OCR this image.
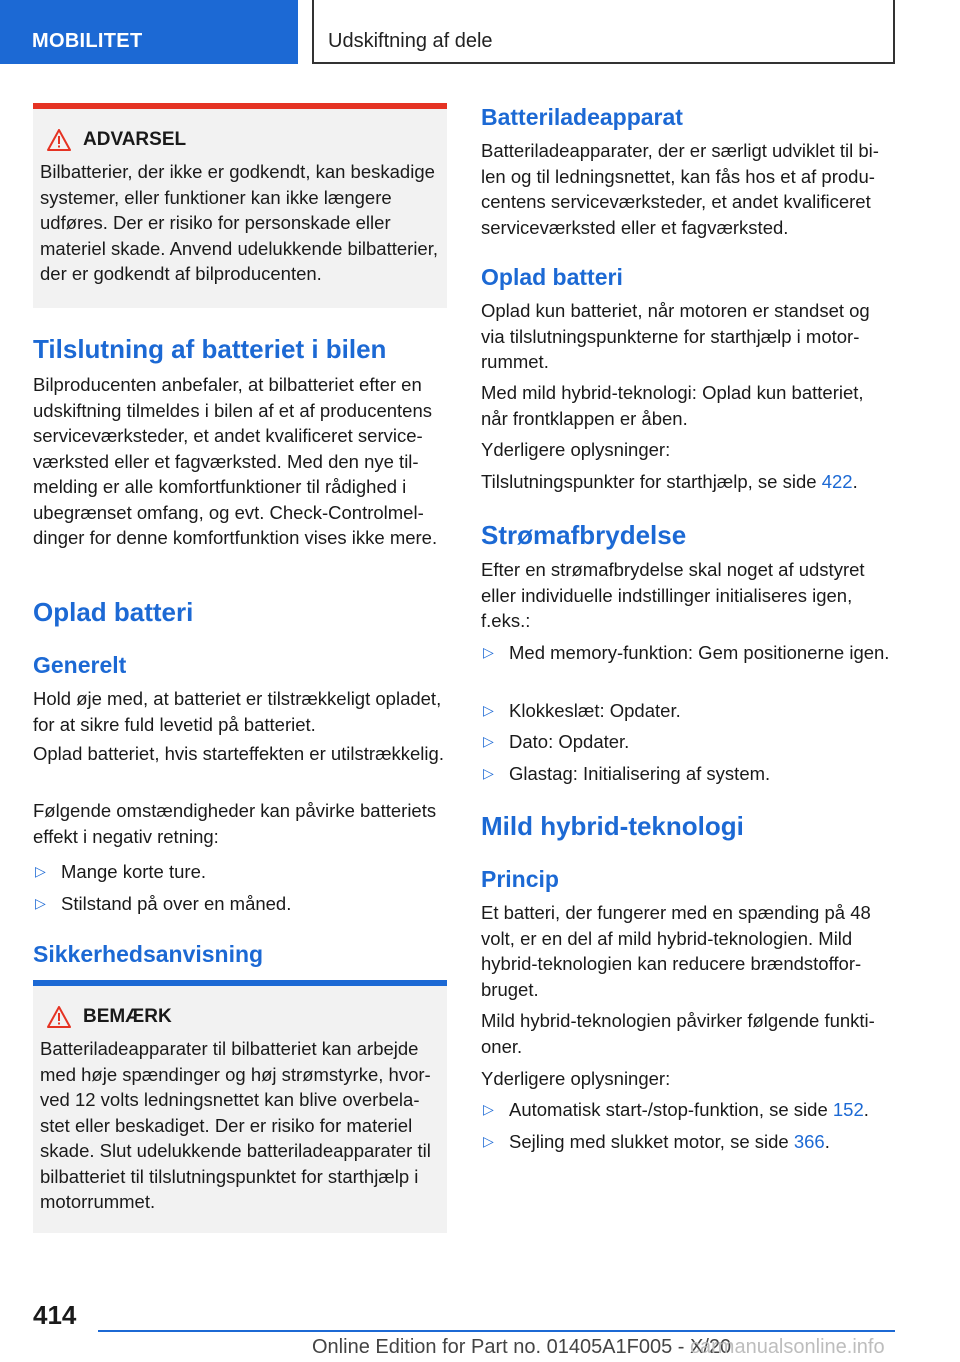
MOBILITET	Udskiftning af dele
ADVARSEL
Bilbatterier, der ikke er godkendt, kan beskadige systemer, eller funktioner kan ikke længere udføres. Der er risiko for personskade eller materiel skade. Anvend udelukkende bilbatterier, der er godkendt af bilproducenten.
Tilslutning af batteriet i bilen
Bilproducenten anbefaler, at bilbatteriet efter en udskiftning tilmeldes i bilen af et af producentens serviceværksteder, et andet kvalificeret serviceværksted eller et fagværksted. Med den nye tilmelding er alle komfortfunktioner til rådighed i ubegrænset omfang, og evt. Check-Controlmeldinger for denne komfortfunktion vises ikke mere.
Oplad batteri
Generelt
Hold øje med, at batteriet er tilstrækkeligt opladet, for at sikre fuld levetid på batteriet.
Oplad batteriet, hvis starteffekten er utilstrækkelig.
Følgende omstændigheder kan påvirke batteriets effekt i negativ retning:
▷ Mange korte ture.
▷ Stilstand på over en måned.
Sikkerhedsanvisning
BEMÆRK
Batteriladeapparater til bilbatteriet kan arbejde med høje spændinger og høj strømstyrke, hvorved 12 volts ledningsnettet kan blive overbelastet eller beskadiget. Der er risiko for materiel skade. Slut udelukkende batteriladeapparater til bilbatteriet til tilslutningspunktet for starthjælp i motorrummet.
Batteriladeapparat
Batteriladeapparater, der er særligt udviklet til bilen og til ledningsnettet, kan fås hos et af producentens serviceværksteder, et andet kvalificeret serviceværksted eller et fagværksted.
Oplad batteri
Oplad kun batteriet, når motoren er standset og via tilslutningspunkterne for starthjælp i motorrummet.
Med mild hybrid-teknologi: Oplad kun batteriet, når frontklappen er åben.
Yderligere oplysninger:
Tilslutningspunkter for starthjælp, se side 422.
Strømafbrydelse
Efter en strømafbrydelse skal noget af udstyret eller individuelle indstillinger initialiseres igen, f.eks.:
▷ Med memory-funktion: Gem positionerne igen.
▷ Klokkeslæt: Opdater.
▷ Dato: Opdater.
▷ Glastag: Initialisering af system.
Mild hybrid-teknologi
Princip
Et batteri, der fungerer med en spænding på 48 volt, er en del af mild hybrid-teknologien. Mild hybrid-teknologien kan reducere brændstofforbruget.
Mild hybrid-teknologien påvirker følgende funktioner.
Yderligere oplysninger:
▷ Automatisk start-/stop-funktion, se side 152.
▷ Sejling med slukket motor, se side 366.
414
Online Edition for Part no. 01405A1F005 - X/20
carmanualsonline.info
